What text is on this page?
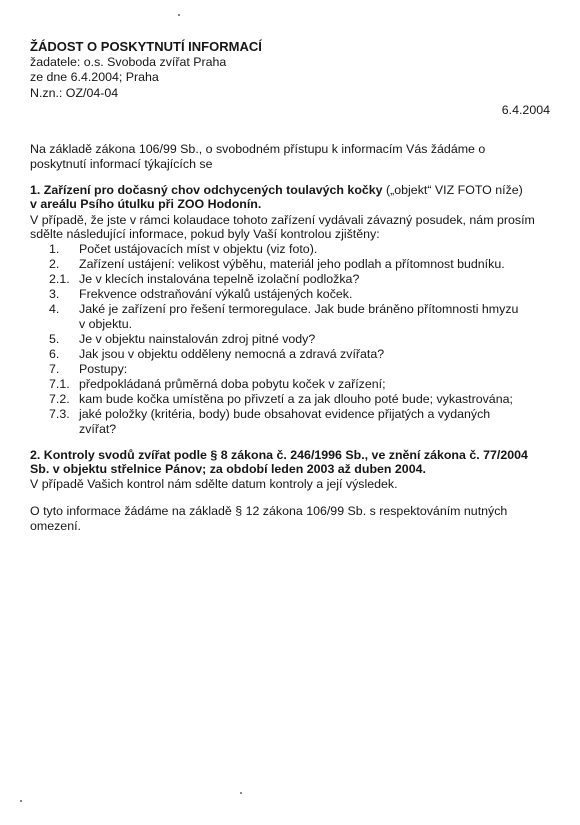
ŽÁDOST O POSKYTNUTÍ INFORMACÍ
žadatele: o.s. Svoboda zvířat Praha
ze dne 6.4.2004; Praha
N.zn.: OZ/04-04
6.4.2004
Na základě zákona 106/99 Sb., o svobodném přístupu k informacím Vás žádáme o
poskytnutí informací týkajících se
1. Zařízení pro dočasný chov odchycených toulavých kočky („objekt“ VIZ FOTO níže)
v areálu Psího útulku při ZOO Hodonín.
V případě, že jste v rámci kolaudace tohoto zařízení vydávali závazný posudek, nám prosím
sdělte následující informace, pokud byly Vaší kontrolou zjištěny:
1. Počet ustájovacích míst v objektu (viz foto).
2. Zařízení ustájení: velikost výběhu, materiál jeho podlah a přítomnost budníku.
2.1. Je v klecích instalována tepelně izolační podložka?
3. Frekvence odstraňování výkalů ustájených koček.
4. Jaké je zařízení pro řešení termoregulace. Jak bude bráněno přítomnosti hmyzu
v objektu.
5. Je v objektu nainstalován zdroj pitné vody?
6. Jak jsou v objektu odděleny nemocná a zdravá zvířata?
7. Postupy:
7.1. předpokládaná průměrná doba pobytu koček v zařízení;
7.2. kam bude kočka umístěna po přivzetí a za jak dlouho poté bude; vykastrována;
7.3. jaké položky (kritéria, body) bude obsahovat evidence přijatých a vydaných
zvířat?
2. Kontroly svodů zvířat podle § 8 zákona č. 246/1996 Sb., ve znění zákona č. 77/2004
Sb. v objektu střelnice Pánov; za období leden 2003 až duben 2004.
V případě Vašich kontrol nám sdělte datum kontroly a její výsledek.
O tyto informace žádáme na základě § 12 zákona 106/99 Sb. s respektováním nutných
omezení.
